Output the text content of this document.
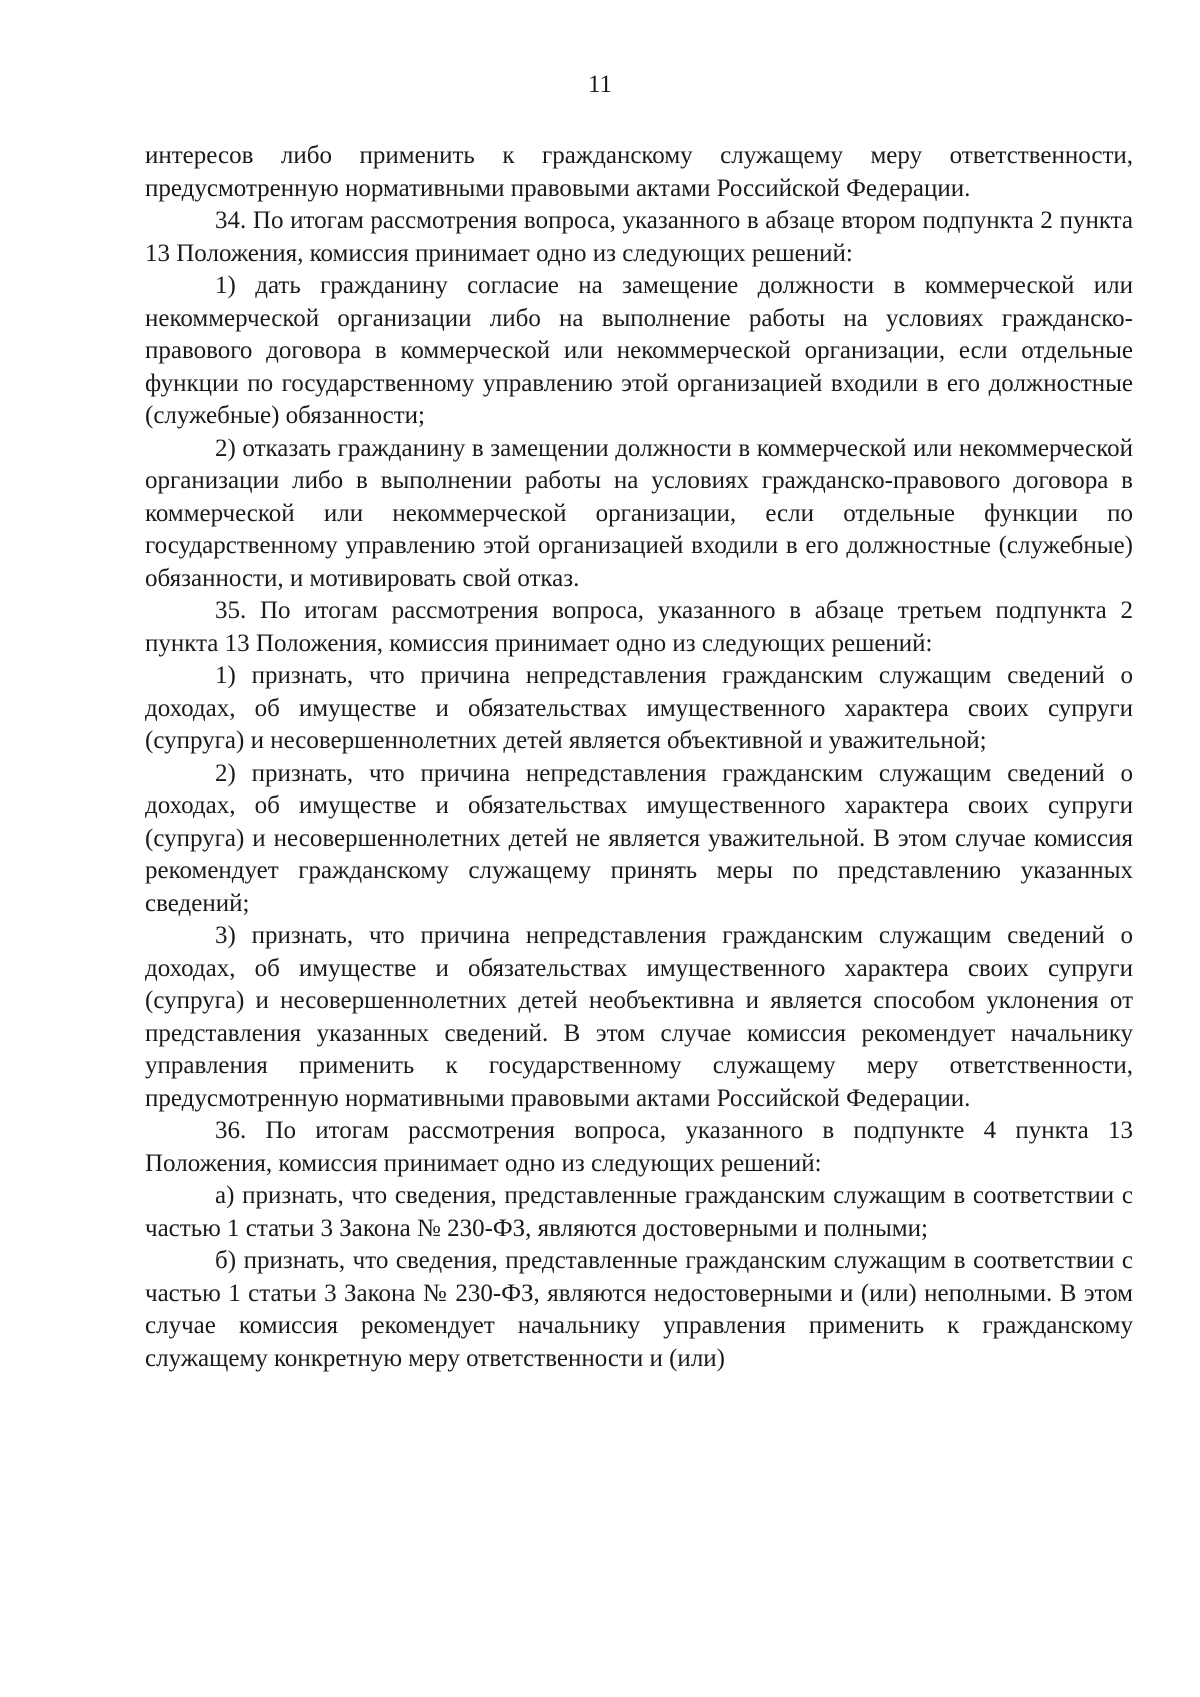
11

интересов либо применить к гражданскому служащему меру ответственности, предусмотренную нормативными правовыми актами Российской Федерации.

34. По итогам рассмотрения вопроса, указанного в абзаце втором подпункта 2 пункта 13 Положения, комиссия принимает одно из следующих решений:

1) дать гражданину согласие на замещение должности в коммерческой или некоммерческой организации либо на выполнение работы на условиях гражданско-правового договора в коммерческой или некоммерческой организации, если отдельные функции по государственному управлению этой организацией входили в его должностные (служебные) обязанности;

2) отказать гражданину в замещении должности в коммерческой или некоммерческой организации либо в выполнении работы на условиях гражданско-правового договора в коммерческой или некоммерческой организации, если отдельные функции по государственному управлению этой организацией входили в его должностные (служебные) обязанности, и мотивировать свой отказ.

35. По итогам рассмотрения вопроса, указанного в абзаце третьем подпункта 2 пункта 13 Положения, комиссия принимает одно из следующих решений:

1) признать, что причина непредставления гражданским служащим сведений о доходах, об имуществе и обязательствах имущественного характера своих супруги (супруга) и несовершеннолетних детей является объективной и уважительной;

2) признать, что причина непредставления гражданским служащим сведений о доходах, об имуществе и обязательствах имущественного характера своих супруги (супруга) и несовершеннолетних детей не является уважительной. В этом случае комиссия рекомендует гражданскому служащему принять меры по представлению указанных сведений;

3) признать, что причина непредставления гражданским служащим сведений о доходах, об имуществе и обязательствах имущественного характера своих супруги (супруга) и несовершеннолетних детей необъективна и является способом уклонения от представления указанных сведений. В этом случае комиссия рекомендует начальнику управления применить к государственному служащему меру ответственности, предусмотренную нормативными правовыми актами Российской Федерации.

36. По итогам рассмотрения вопроса, указанного в подпункте 4 пункта 13 Положения, комиссия принимает одно из следующих решений:

а) признать, что сведения, представленные гражданским служащим в соответствии с частью 1 статьи 3 Закона № 230-ФЗ, являются достоверными и полными;

б) признать, что сведения, представленные гражданским служащим в соответствии с частью 1 статьи 3 Закона № 230-ФЗ, являются недостоверными и (или) неполными. В этом случае комиссия рекомендует начальнику управления применить к гражданскому служащему конкретную меру ответственности и (или)
